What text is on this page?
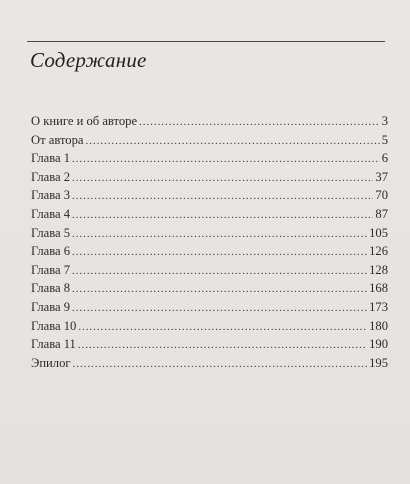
Содержание
О книге и об авторе . . .	3
От автора . . .	5
Глава 1 . . .	6
Глава 2 . . .	37
Глава 3 . . .	70
Глава 4 . . .	87
Глава 5 . . .	105
Глава 6 . . .	126
Глава 7 . . .	128
Глава 8 . . .	168
Глава 9 . . .	173
Глава 10 . . .	180
Глава 11 . . .	190
Эпилог . . .	195
